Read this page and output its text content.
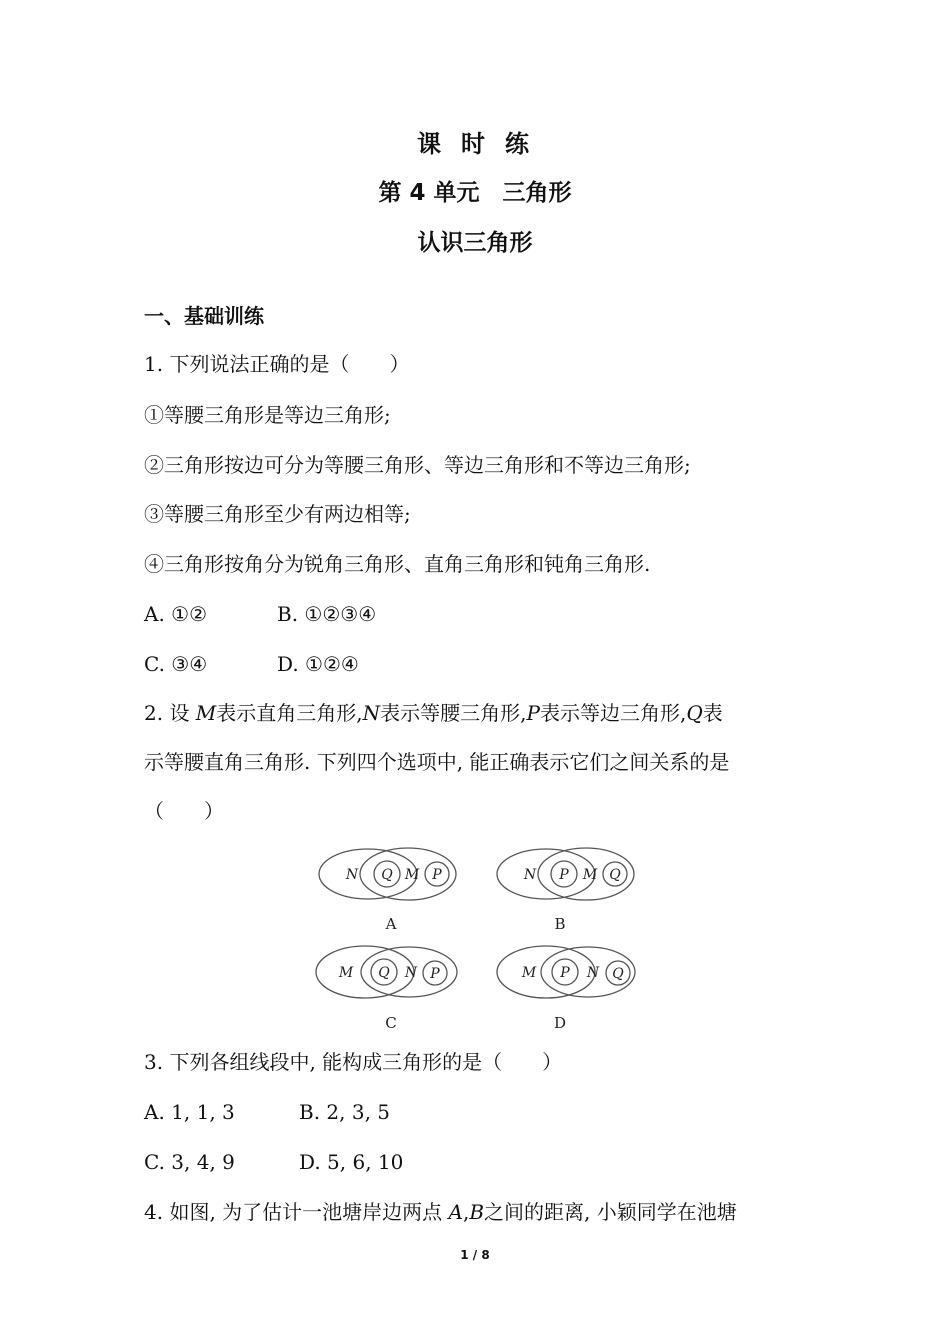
课 时 练
第 4 单元　三角形
认识三角形
一、基础训练
1. 下列说法正确的是（　　）
①等腰三角形是等边三角形;
②三角形按边可分为等腰三角形、等边三角形和不等边三角形;
③等腰三角形至少有两边相等;
④三角形按角分为锐角三角形、直角三角形和钝角三角形.
A. ①②	B. ①②③④
C. ③④	D. ①②④
2. 设 M表示直角三角形,N表示等腰三角形,P表示等边三角形,Q表
示等腰直角三角形. 下列四个选项中, 能正确表示它们之间关系的是
（　　）
N Q M P	N P M Q
M Q N P	M P N Q
A	B
C	D
3. 下列各组线段中, 能构成三角形的是（　　）
A. 1, 1, 3	B. 2, 3, 5
C. 3, 4, 9	D. 5, 6, 10
4. 如图, 为了估计一池塘岸边两点 A,B之间的距离, 小颖同学在池塘
1 / 8
